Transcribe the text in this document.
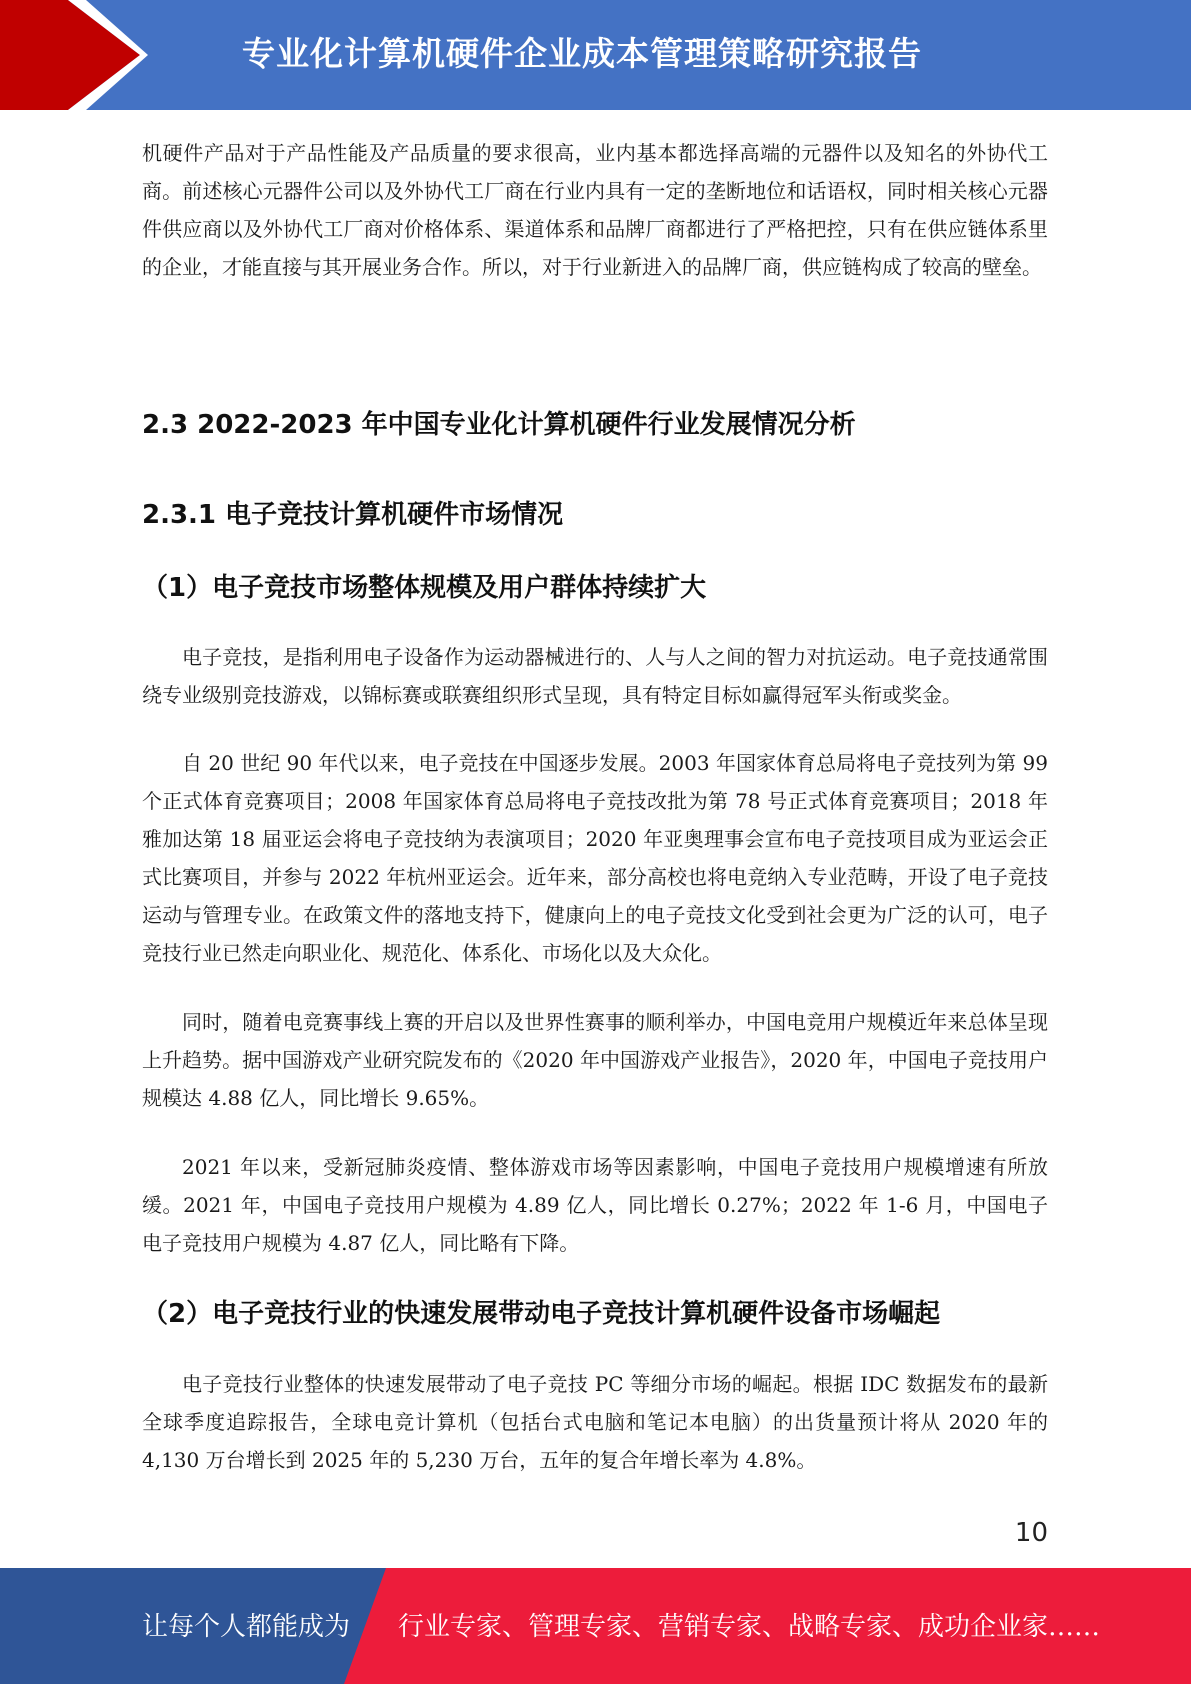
专业化计算机硬件企业成本管理策略研究报告

机硬件产品对于产品性能及产品质量的要求很高，业内基本都选择高端的元器件以及知名的外协代工商。前述核心元器件公司以及外协代工厂商在行业内具有一定的垄断地位和话语权，同时相关核心元器件供应商以及外协代工厂商对价格体系、渠道体系和品牌厂商都进行了严格把控，只有在供应链体系里的企业，才能直接与其开展业务合作。所以，对于行业新进入的品牌厂商，供应链构成了较高的壁垒。

2.3 2022-2023 年中国专业化计算机硬件行业发展情况分析
2.3.1 电子竞技计算机硬件市场情况
（1）电子竞技市场整体规模及用户群体持续扩大

电子竞技，是指利用电子设备作为运动器械进行的、人与人之间的智力对抗运动。电子竞技通常围绕专业级别竞技游戏，以锦标赛或联赛组织形式呈现，具有特定目标如赢得冠军头衔或奖金。

自 20 世纪 90 年代以来，电子竞技在中国逐步发展。2003 年国家体育总局将电子竞技列为第 99 个正式体育竞赛项目；2008 年国家体育总局将电子竞技改批为第 78 号正式体育竞赛项目；2018 年雅加达第 18 届亚运会将电子竞技纳为表演项目；2020 年亚奥理事会宣布电子竞技项目成为亚运会正式比赛项目，并参与 2022 年杭州亚运会。近年来，部分高校也将电竞纳入专业范畴，开设了电子竞技运动与管理专业。在政策文件的落地支持下，健康向上的电子竞技文化受到社会更为广泛的认可，电子竞技行业已然走向职业化、规范化、体系化、市场化以及大众化。

同时，随着电竞赛事线上赛的开启以及世界性赛事的顺利举办，中国电竞用户规模近年来总体呈现上升趋势。据中国游戏产业研究院发布的《2020 年中国游戏产业报告》，2020 年，中国电子竞技用户规模达 4.88 亿人，同比增长 9.65%。

2021 年以来，受新冠肺炎疫情、整体游戏市场等因素影响，中国电子竞技用户规模增速有所放缓。2021 年，中国电子竞技用户规模为 4.89 亿人，同比增长 0.27%；2022 年 1-6 月，中国电子电子竞技用户规模为 4.87 亿人，同比略有下降。

（2）电子竞技行业的快速发展带动电子竞技计算机硬件设备市场崛起

电子竞技行业整体的快速发展带动了电子竞技 PC 等细分市场的崛起。根据 IDC 数据发布的最新全球季度追踪报告，全球电竞计算机（包括台式电脑和笔记本电脑）的出货量预计将从 2020 年的 4,130 万台增长到 2025 年的 5,230 万台，五年的复合年增长率为 4.8%。

10
让每个人都能成为 行业专家、管理专家、营销专家、战略专家、成功企业家……
